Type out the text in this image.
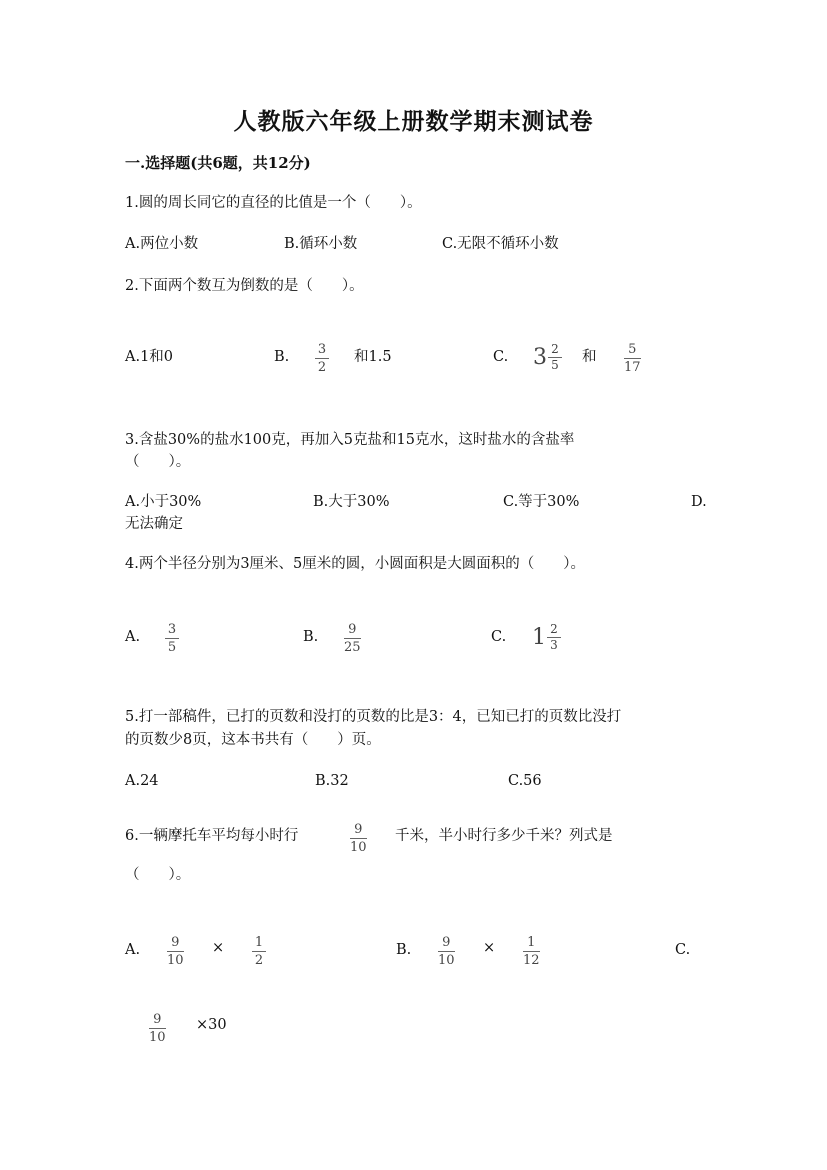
人教版六年级上册数学期末测试卷
一.选择题(共6题，共12分)
1.圆的周长同它的直径的比值是一个（　　）。
A.两位小数	B.循环小数	C.无限不循环小数
2.下面两个数互为倒数的是（　　）。
A.1和0	B. 3
2
和1.5	C. $3 \frac{2}{5}$ 和 5
17
3.含盐30%的盐水100克，再加入5克盐和15克水，这时盐水的含盐率
（　　）。
A.小于30%	B.大于30%	C.等于30%	D.
无法确定
4.两个半径分别为3厘米、5厘米的圆，小圆面积是大圆面积的（　　）。
A. 3
5
B. 9
25
C. $1 \frac{2}{3}$
5.打一部稿件，已打的页数和没打的页数的比是3：4，已知已打的页数比没打
的页数少8页，这本书共有（　　）页。
A.24	B.32	C.56
6.一辆摩托车平均每小时行	9
10
千米，半小时行多少千米？列式是
（　　）。
A. 9
10
× 1
2
B. 9
10
× 1
12
C.
9
10
×30
